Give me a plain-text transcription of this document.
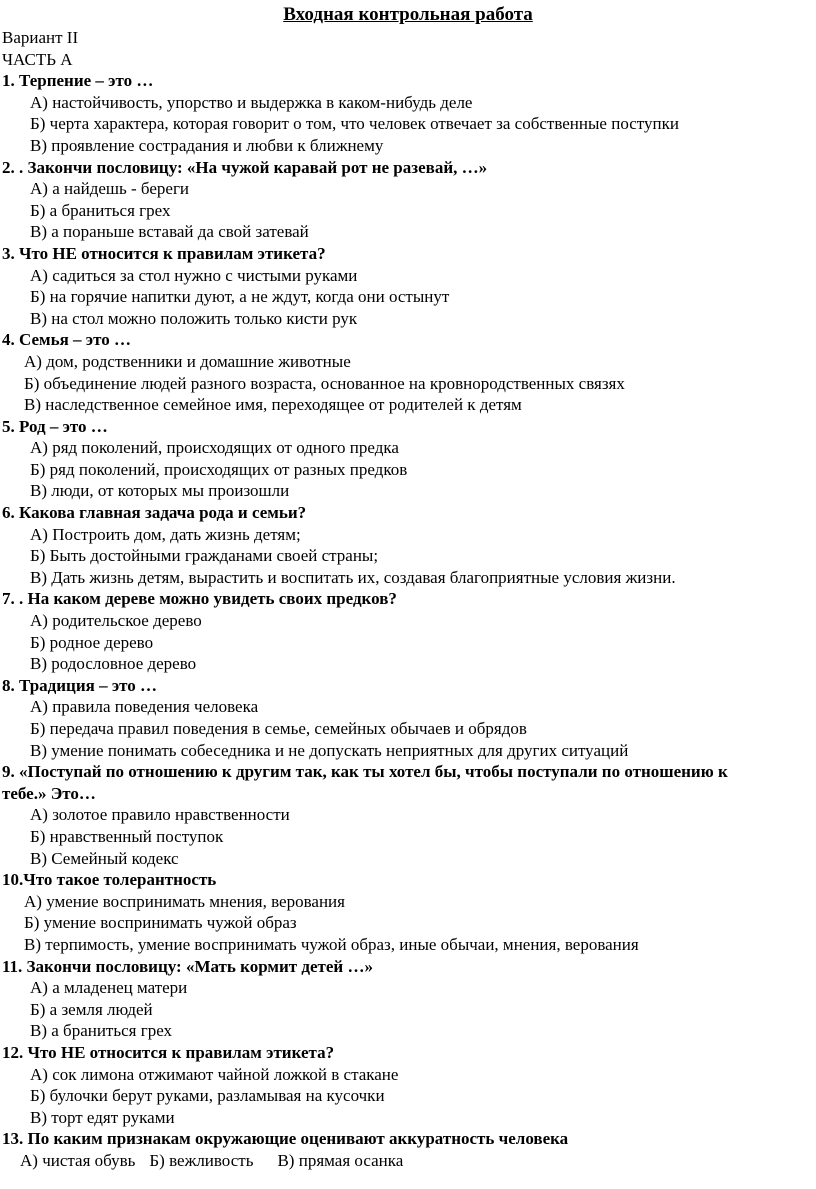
Входная контрольная работа
Вариант II
ЧАСТЬ А
1. Терпение – это …
А) настойчивость, упорство и выдержка в каком-нибудь деле
Б) черта характера, которая говорит о том, что человек отвечает за собственные поступки
В) проявление сострадания и любви к ближнему
2. . Закончи пословицу: «На чужой каравай рот не разевай, …»
А) а найдешь - береги
Б) а браниться грех
В) а пораньше вставай да свой затевай
3. Что НЕ относится к правилам этикета?
А) садиться за стол нужно с чистыми руками
Б) на горячие напитки дуют, а не ждут, когда они остынут
В) на стол можно положить только кисти рук
4. Семья – это …
А) дом, родственники и домашние животные
Б) объединение людей разного возраста, основанное на кровнородственных связях
В) наследственное семейное имя, переходящее от родителей к детям
5. Род – это …
А) ряд поколений, происходящих от одного предка
Б) ряд поколений, происходящих от разных предков
В) люди, от которых мы произошли
6. Какова главная задача рода и семьи?
А) Построить дом, дать жизнь детям;
Б) Быть достойными гражданами своей страны;
В) Дать жизнь детям, вырастить и воспитать их, создавая благоприятные условия жизни.
7. . На каком дереве можно увидеть своих предков?
А) родительское дерево
Б) родное дерево
В) родословное дерево
8. Традиция – это …
А) правила поведения человека
Б) передача правил поведения в семье, семейных обычаев и обрядов
В) умение понимать собеседника и не допускать неприятных для других ситуаций
9. «Поступай по отношению к другим так, как ты хотел бы, чтобы поступали по отношению к
тебе.» Это…
А) золотое правило нравственности
Б) нравственный поступок
В) Семейный кодекс
10.Что такое толерантность
А) умение воспринимать мнения, верования
Б) умение воспринимать чужой образ
В) терпимость, умение воспринимать чужой образ, иные обычаи, мнения, верования
11. Закончи пословицу: «Мать кормит детей …»
А) а младенец матери
Б) а земля людей
В) а браниться грех
12. Что НЕ относится к правилам этикета?
А) сок лимона отжимают чайной ложкой в стакане
Б) булочки берут руками, разламывая на кусочки
В) торт едят руками
13. По каким признакам окружающие оценивают аккуратность человека
А) чистая обувь Б) вежливость В) прямая осанка
